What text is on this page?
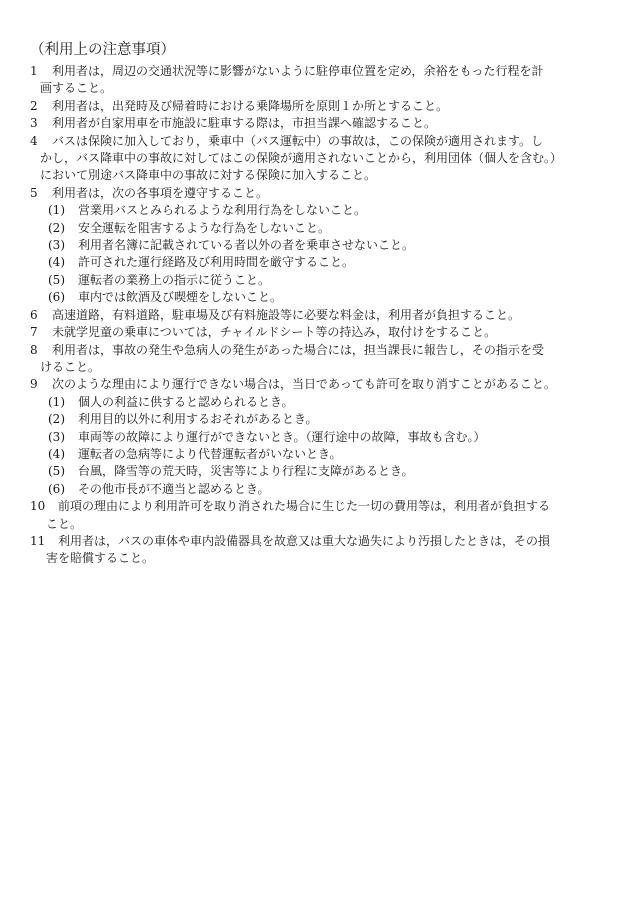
（利用上の注意事項）
1	利用者は，周辺の交通状況等に影響がないように駐停車位置を定め，余裕をもった行程を計
画すること。
2	利用者は，出発時及び帰着時における乗降場所を原則１か所とすること。
3	利用者が自家用車を市施設に駐車する際は，市担当課へ確認すること。
4	バスは保険に加入しており，乗車中（バス運転中）の事故は，この保険が適用されます。し
かし，バス降車中の事故に対してはこの保険が適用されないことから，利用団体（個人を含む。）
において別途バス降車中の事故に対する保険に加入すること。
5	利用者は，次の各事項を遵守すること。
(1)	営業用バスとみられるような利用行為をしないこと。
(2)	安全運転を阻害するような行為をしないこと。
(3)	利用者名簿に記載されている者以外の者を乗車させないこと。
(4)	許可された運行経路及び利用時間を厳守すること。
(5)	運転者の業務上の指示に従うこと。
(6)	車内では飲酒及び喫煙をしないこと。
6	高速道路，有料道路，駐車場及び有料施設等に必要な料金は，利用者が負担すること。
7	未就学児童の乗車については，チャイルドシート等の持込み，取付けをすること。
8	利用者は，事故の発生や急病人の発生があった場合には，担当課長に報告し，その指示を受
けること。
9	次のような理由により運行できない場合は，当日であっても許可を取り消すことがあること。
(1)	個人の利益に供すると認められるとき。
(2)	利用目的以外に利用するおそれがあるとき。
(3)	車両等の故障により運行ができないとき。（運行途中の故障，事故も含む。）
(4)	運転者の急病等により代替運転者がいないとき。
(5)	台風，降雪等の荒天時，災害等により行程に支障があるとき。
(6)	その他市長が不適当と認めるとき。
10	前項の理由により利用許可を取り消された場合に生じた一切の費用等は，利用者が負担する
こと。
11	利用者は，バスの車体や車内設備器具を故意又は重大な過失により汚損したときは，その損
害を賠償すること。
